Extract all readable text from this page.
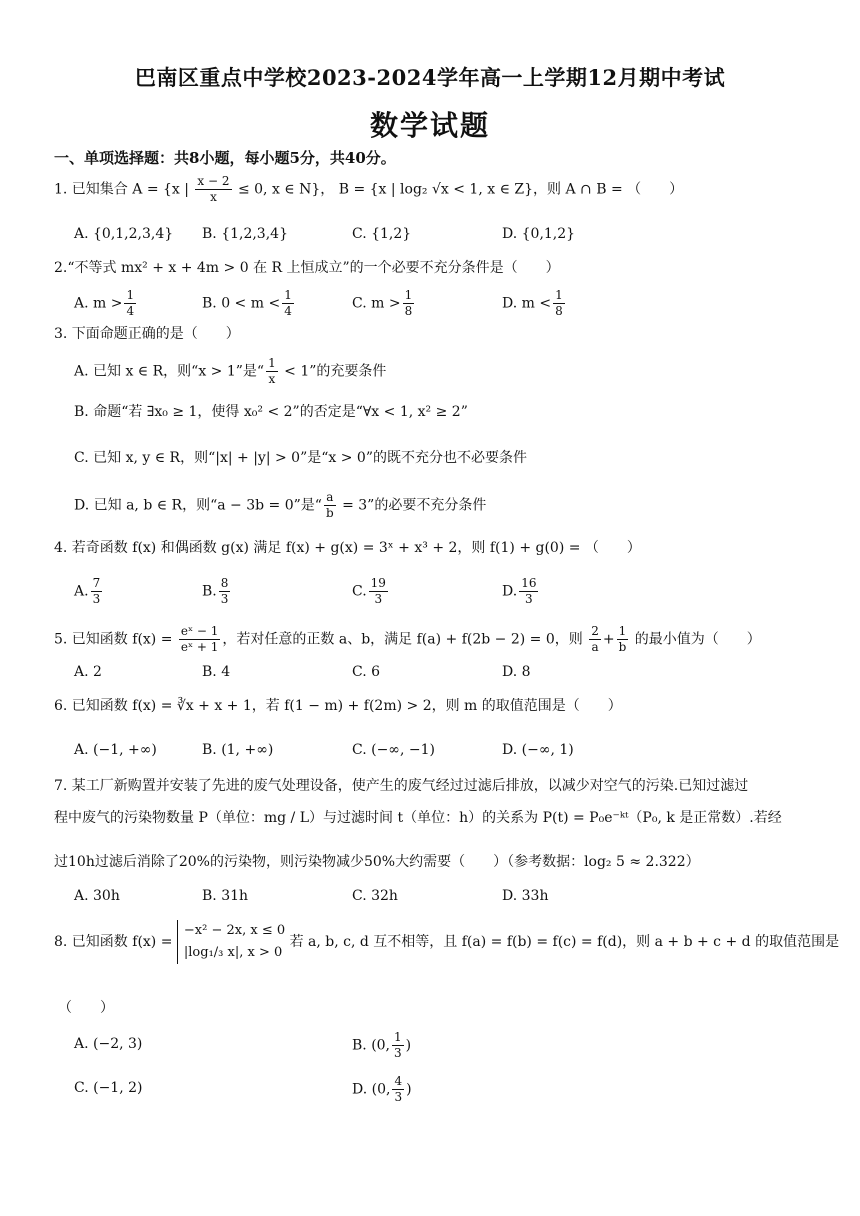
巴南区重点中学校2023-2024学年高一上学期12月期中考试
数学试题
一、单项选择题：共8小题，每小题5分，共40分。
1. 已知集合 A = {x | $\frac{x - 2}{x} \le 0$, x ∈ N}， B = {x | log₂ √x < 1, x ∈ Z}，则 A ∩ B = （　　）
A. {0,1,2,3,4} B. {1,2,3,4}	C. {1,2}	D. {0,1,2}
2.“不等式 mx² + x + 4m > 0 在 R 上恒成立”的一个必要不充分条件是（　　）
A. $m > \frac{1}{4}$	B. $0 < m < \frac{1}{4}$	C. $m > \frac{1}{8}$	D. $m < \frac{1}{8}$
3. 下面命题正确的是（　　）
A. 已知 x ∈ R，则“x > 1”是“ $\frac{1}{x} < 1$”的充要条件
B. 命题“若 ∃x₀ ≥ 1，使得 x₀² < 2”的否定是“∀x < 1, x² ≥ 2”
C. 已知 x, y ∈ R，则“|x| + |y| > 0”是“x > 0”的既不充分也不必要条件
D. 已知 a, b ∈ R，则“a − 3b = 0”是“ $\frac{a}{b} = 3$”的必要不充分条件
4. 若奇函数 f(x) 和偶函数 g(x) 满足 f(x) + g(x) = 3ˣ + x³ + 2，则 f(1) + g(0) = （　　）
A. $\frac{7}{3}$	B. $\frac{8}{3}$	C. $\frac{19}{3}$	D. $\frac{16}{3}$
5. 已知函数 $f(x) = \frac{\text{eˣ − 1}}{\text{eˣ + 1}}$ ，若对任意的正数 a、b，满足 f(a) + f(2b − 2) = 0，则 $\frac{2}{a} + \frac{1}{b}$ 的最小值为（　　）
A. 2	B. 4	C. 6	D. 8
6. 已知函数 f(x) = ∛x + x + 1，若 f(1 − m) + f(2m) > 2，则 m 的取值范围是（　　）
A. (−1, +∞)	B. (1, +∞)	C. (−∞, −1)	D. (−∞, 1)
7. 某工厂新购置并安装了先进的废气处理设备，使产生的废气经过过滤后排放，以减少对空气的污染.已知过滤过
程中废气的污染物数量 P（单位：mg / L）与过滤时间 t（单位：h）的关系为 P(t) = P₀e⁻ᵏᵗ（P₀, k 是正常数）.若经
过10h过滤后消除了20%的污染物，则污染物减少50%大约需要（　　）（参考数据：log₂ 5 ≈ 2.322）
A. 30h	B. 31h	C. 32h	D. 33h
8. 已知函数 f(x) =
−x² − 2x, x ≤ 0
|log₁/₃ x|, x > 0
若 a, b, c, d 互不相等，且 f(a) = f(b) = f(c) = f(d)，则 a + b + c + d 的取值范围是
（　　）
A. (−2, 3)	B. (0, $\frac{1}{3}$ )
C. (−1, 2)	D. (0, $\frac{4}{3}$ )
